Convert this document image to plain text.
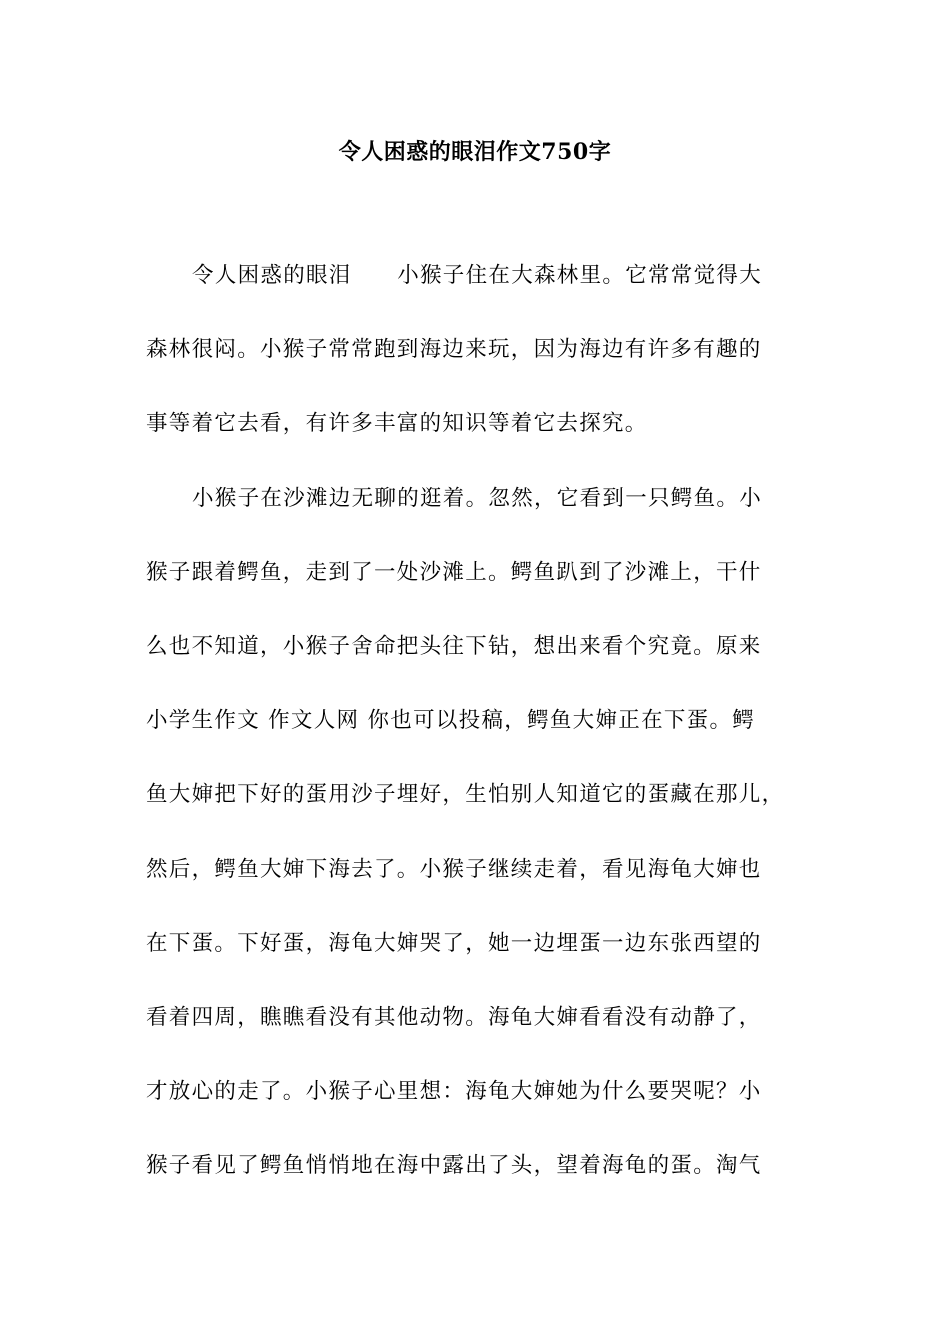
令人困惑的眼泪作文750字
令人困惑的眼泪　　小猴子住在大森林里。它常常觉得大
森林很闷。小猴子常常跑到海边来玩，因为海边有许多有趣的
事等着它去看，有许多丰富的知识等着它去探究。
小猴子在沙滩边无聊的逛着。忽然，它看到一只鳄鱼。小
猴子跟着鳄鱼，走到了一处沙滩上。鳄鱼趴到了沙滩上，干什
么也不知道，小猴子舍命把头往下钻，想出来看个究竟。原来
小学生作文 作文人网 你也可以投稿，鳄鱼大婶正在下蛋。鳄
鱼大婶把下好的蛋用沙子埋好，生怕别人知道它的蛋藏在那儿，
然后，鳄鱼大婶下海去了。小猴子继续走着，看见海龟大婶也
在下蛋。下好蛋，海龟大婶哭了，她一边埋蛋一边东张西望的
看着四周，瞧瞧看没有其他动物。海龟大婶看看没有动静了，
才放心的走了。小猴子心里想：海龟大婶她为什么要哭呢？小
猴子看见了鳄鱼悄悄地在海中露出了头，望着海龟的蛋。淘气
